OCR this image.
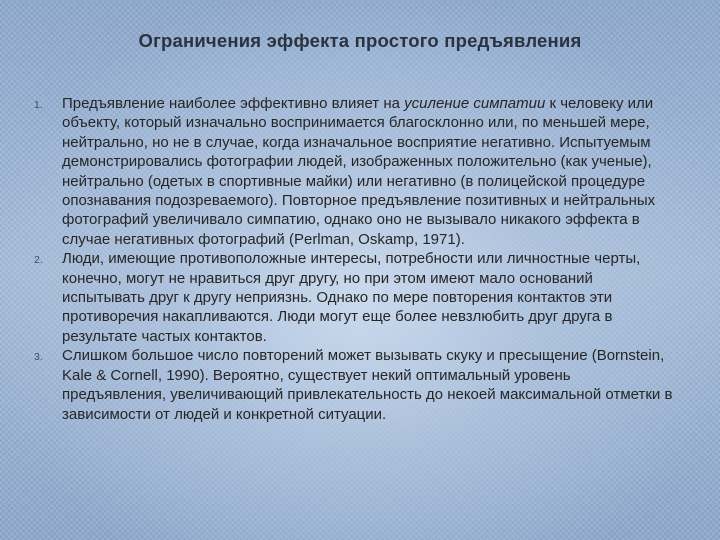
Ограничения эффекта простого предъявления
1.	Предъявление наиболее эффективно влияет на усиление симпатии к человеку или объекту, который изначально воспринимается благосклонно или, по меньшей мере, нейтрально, но не в случае, когда изначальное восприятие негативно. Испытуемым демонстрировались фотографии людей, изображенных положительно (как ученые), нейтрально (одетых в спортивные майки) или негативно (в полицейской процедуре опознавания подозреваемого). Повторное предъявление позитивных и нейтральных фотографий увеличивало симпатию, однако оно не вызывало никакого эффекта в случае негативных фотографий (Perlman, Oskamp, 1971).
2.	Люди, имеющие противоположные интересы, потребности или личностные черты, конечно, могут не нравиться друг другу, но при этом имеют мало оснований испытывать друг к другу неприязнь. Однако по мере повторения контактов эти противоречия накапливаются. Люди могут еще более невзлюбить друг друга в результате частых контактов.
3.	Слишком большое число повторений может вызывать скуку и пресыщение (Bornstein, Kale & Cornell, 1990). Вероятно, существует некий оптимальный уровень предъявления, увеличивающий привлекательность до некоей максимальной отметки в зависимости от людей и конкретной ситуации.
